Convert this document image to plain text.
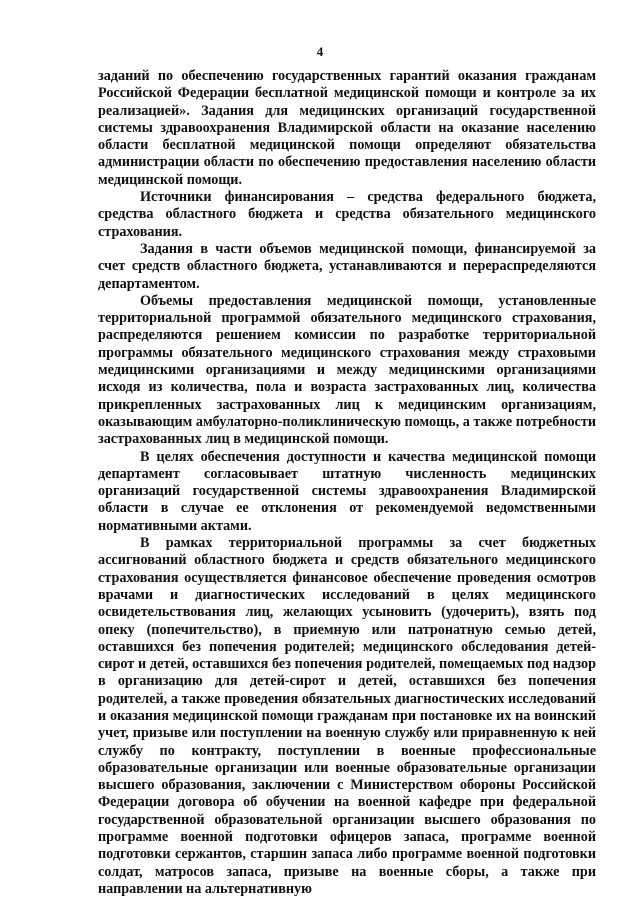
4

заданий по обеспечению государственных гарантий оказания гражданам Российской Федерации бесплатной медицинской помощи и контроле за их реализацией». Задания для медицинских организаций государственной системы здравоохранения Владимирской области на оказание населению области бесплатной медицинской помощи определяют обязательства администрации области по обеспечению предоставления населению области медицинской помощи.

Источники финансирования – средства федерального бюджета, средства областного бюджета и средства обязательного медицинского страхования.

Задания в части объемов медицинской помощи, финансируемой за счет средств областного бюджета, устанавливаются и перераспределяются департаментом.

Объемы предоставления медицинской помощи, установленные территориальной программой обязательного медицинского страхования, распределяются решением комиссии по разработке территориальной программы обязательного медицинского страхования между страховыми медицинскими организациями и между медицинскими организациями исходя из количества, пола и возраста застрахованных лиц, количества прикрепленных застрахованных лиц к медицинским организациям, оказывающим амбулаторно-поликлиническую помощь, а также потребности застрахованных лиц в медицинской помощи.

В целях обеспечения доступности и качества медицинской помощи департамент согласовывает штатную численность медицинских организаций государственной системы здравоохранения Владимирской области в случае ее отклонения от рекомендуемой ведомственными нормативными актами.

В рамках территориальной программы за счет бюджетных ассигнований областного бюджета и средств обязательного медицинского страхования осуществляется финансовое обеспечение проведения осмотров врачами и диагностических исследований в целях медицинского освидетельствования лиц, желающих усыновить (удочерить), взять под опеку (попечительство), в приемную или патронатную семью детей, оставшихся без попечения родителей; медицинского обследования детей-сирот и детей, оставшихся без попечения родителей, помещаемых под надзор в организацию для детей-сирот и детей, оставшихся без попечения родителей, а также проведения обязательных диагностических исследований и оказания медицинской помощи гражданам при постановке их на воинский учет, призыве или поступлении на военную службу или приравненную к ней службу по контракту, поступлении в военные профессиональные образовательные организации или военные образовательные организации высшего образования, заключении с Министерством обороны Российской Федерации договора об обучении на военной кафедре при федеральной государственной образовательной организации высшего образования по программе военной подготовки офицеров запаса, программе военной подготовки сержантов, старшин запаса либо программе военной подготовки солдат, матросов запаса, призыве на военные сборы, а также при направлении на альтернативную
